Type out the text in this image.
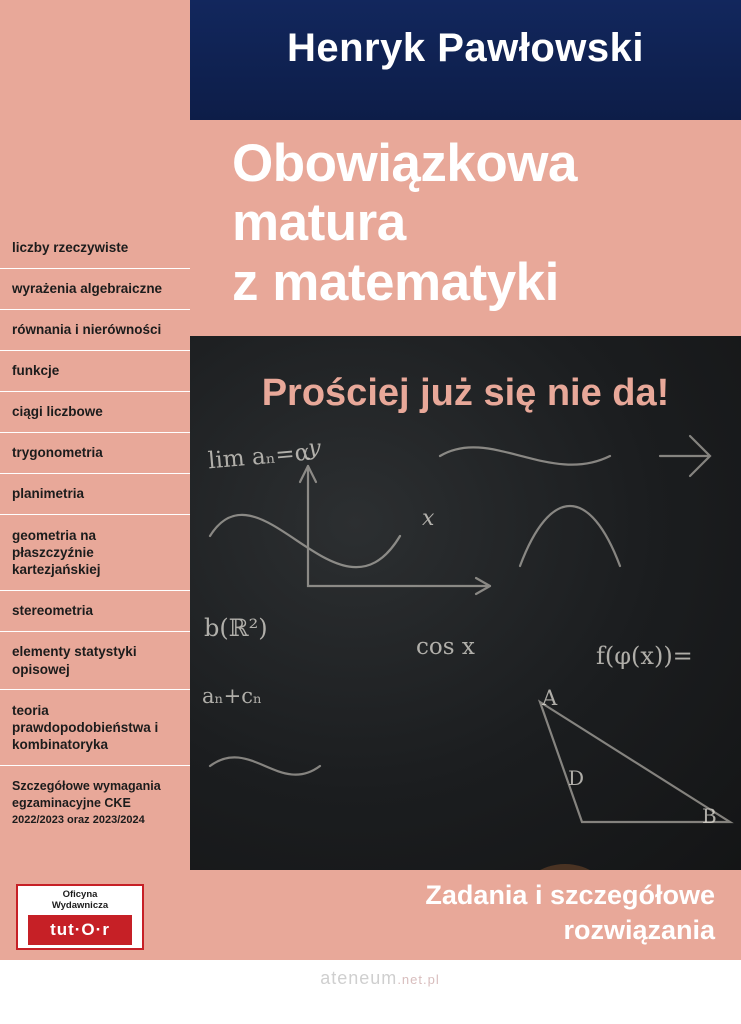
Henryk Pawłowski
Obowiązkowa
matura
z matematyki
lim aₙ=α
y
x
b(ℝ²)
cos x	f(φ(x))=
aₙ+cₙ	A
D
B
Prościej już się nie da!
Zadania i szczegółowe
rozwiązania
ateneum.net.pl
liczby rzeczywiste
wyrażenia algebraiczne
równania i nierówności
funkcje
ciągi liczbowe
trygonometria
planimetria
geometria na płaszczyźnie kartezjańskiej
stereometria
elementy statystyki opisowej
teoria prawdopodobieństwa i kombinatoryka
Szczegółowe wymagania
egzaminacyjne CKE
2022/2023 oraz 2023/2024
Oficyna
Wydawnicza
tut·O·r
